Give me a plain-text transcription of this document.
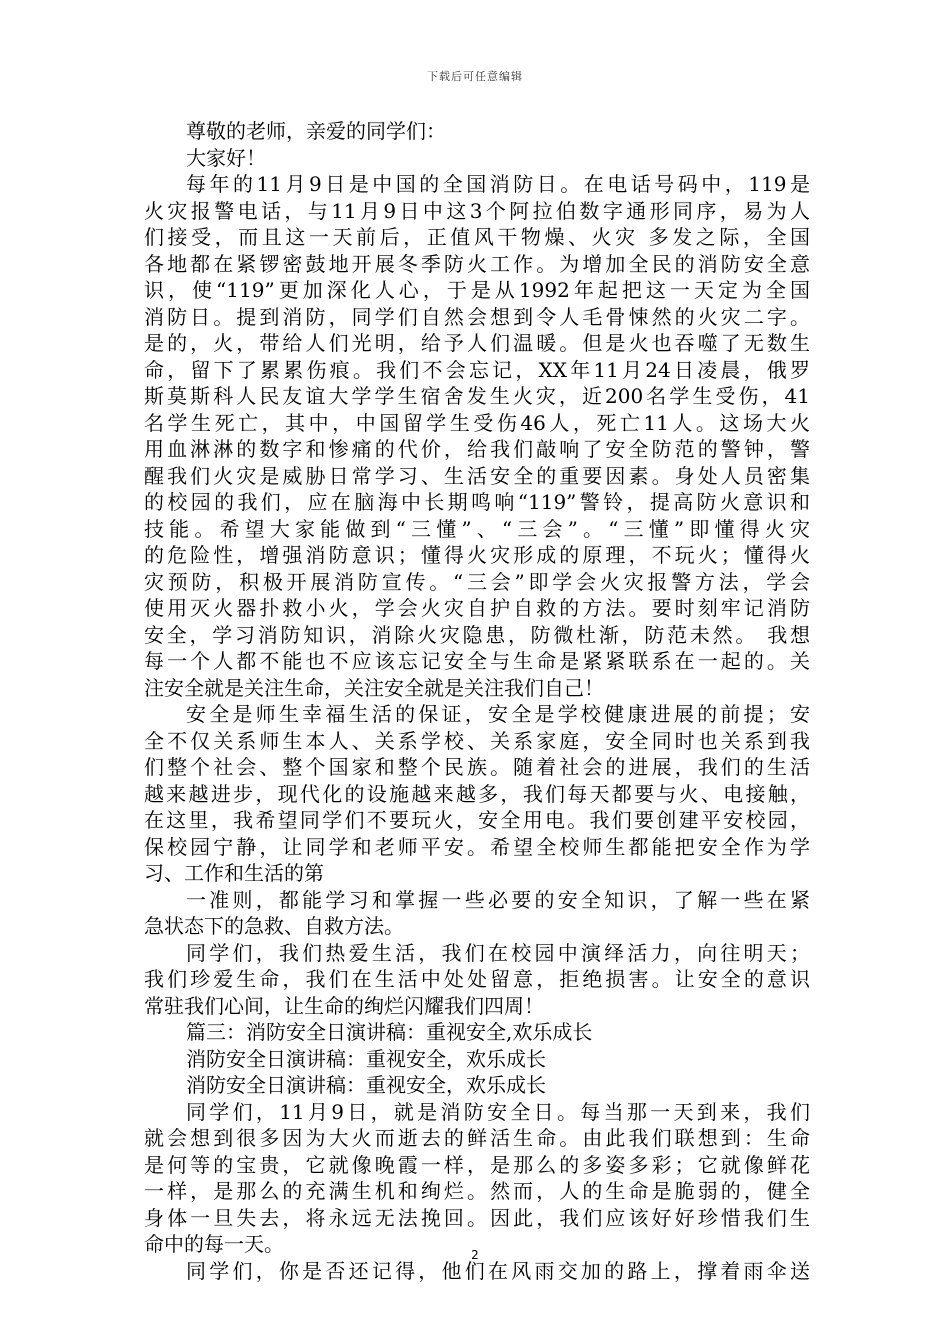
下载后可任意编辑
尊敬的老师，亲爱的同学们：
大家好！
每年的11月9日是中国的全国消防日。在电话号码中，119是
火灾报警电话，与11月9日中这3个阿拉伯数字通形同序，易为人
们接受，而且这一天前后，正值风干物燥、火灾 多发之际，全国
各地都在紧锣密鼓地开展冬季防火工作。为增加全民的消防安全意
识，使“119”更加深化人心，于是从1992年起把这一天定为全国
消防日。提到消防，同学们自然会想到令人毛骨悚然的火灾二字。
是的，火，带给人们光明，给予人们温暖。但是火也吞噬了无数生
命，留下了累累伤痕。我们不会忘记，XX年11月24日凌晨，俄罗
斯莫斯科人民友谊大学学生宿舍发生火灾，近200名学生受伤，41
名学生死亡，其中，中国留学生受伤46人，死亡11人。这场大火
用血淋淋的数字和惨痛的代价，给我们敲响了安全防范的警钟，警
醒我们火灾是威胁日常学习、生活安全的重要因素。身处人员密集
的校园的我们，应在脑海中长期鸣响“119”警铃，提高防火意识和
技能。希望大家能做到“三懂”、“三会”。“三懂”即懂得火灾
的危险性，增强消防意识；懂得火灾形成的原理，不玩火；懂得火
灾预防，积极开展消防宣传。“三会”即学会火灾报警方法，学会
使用灭火器扑救小火，学会火灾自护自救的方法。要时刻牢记消防
安全，学习消防知识，消除火灾隐患，防微杜渐，防范未然。 我想
每一个人都不能也不应该忘记安全与生命是紧紧联系在一起的。关
注安全就是关注生命，关注安全就是关注我们自己！
安全是师生幸福生活的保证，安全是学校健康进展的前提；安
全不仅关系师生本人、关系学校、关系家庭，安全同时也关系到我
们整个社会、整个国家和整个民族。随着社会的进展，我们的生活
越来越进步，现代化的设施越来越多，我们每天都要与火、电接触，
在这里，我希望同学们不要玩火，安全用电。我们要创建平安校园，
保校园宁静，让同学和老师平安。希望全校师生都能把安全作为学
习、工作和生活的第
一准则，都能学习和掌握一些必要的安全知识，了解一些在紧
急状态下的急救、自救方法。
同学们，我们热爱生活，我们在校园中演绎活力，向往明天；
我们珍爱生命，我们在生活中处处留意，拒绝损害。让安全的意识
常驻我们心间，让生命的绚烂闪耀我们四周！
篇三：消防安全日演讲稿：重视安全,欢乐成长
消防安全日演讲稿：重视安全，欢乐成长
消防安全日演讲稿：重视安全，欢乐成长
同学们，11月9日，就是消防安全日。每当那一天到来，我们
就会想到很多因为大火而逝去的鲜活生命。由此我们联想到：生命
是何等的宝贵，它就像晚霞一样，是那么的多姿多彩；它就像鲜花
一样，是那么的充满生机和绚烂。然而，人的生命是脆弱的，健全
身体一旦失去，将永远无法挽回。因此，我们应该好好珍惜我们生
命中的每一天。
同学们，你是否还记得，他们在风雨交加的路上，撑着雨伞送
2
